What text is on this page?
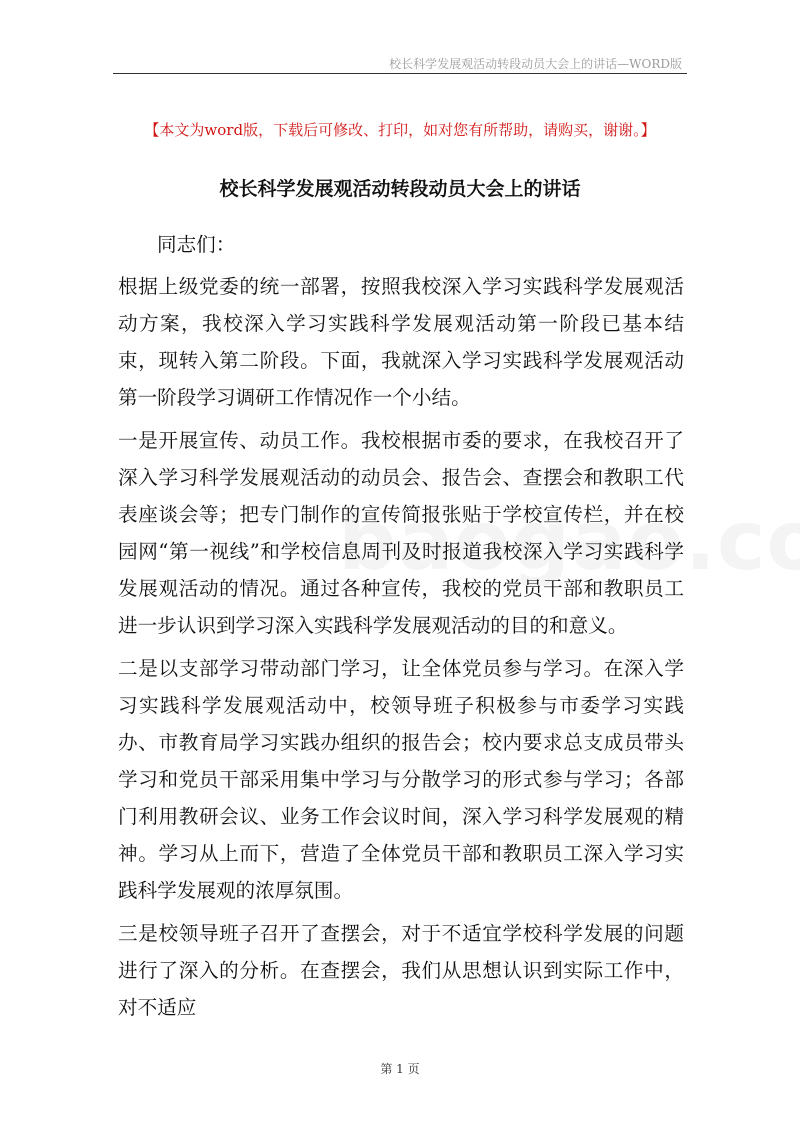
校长科学发展观活动转段动员大会上的讲话—WORD版
【本文为word版，下载后可修改、打印，如对您有所帮助，请购买，谢谢。】
校长科学发展观活动转段动员大会上的讲话

同志们：

根据上级党委的统一部署，按照我校深入学习实践科学发展观活动方案，我校深入学习实践科学发展观活动第一阶段已基本结束，现转入第二阶段。下面，我就深入学习实践科学发展观活动第一阶段学习调研工作情况作一个小结。

一是开展宣传、动员工作。我校根据市委的要求，在我校召开了深入学习科学发展观活动的动员会、报告会、查摆会和教职工代表座谈会等；把专门制作的宣传简报张贴于学校宣传栏，并在校园网“第一视线”和学校信息周刊及时报道我校深入学习实践科学发展观活动的情况。通过各种宣传，我校的党员干部和教职员工进一步认识到学习深入实践科学发展观活动的目的和意义。

二是以支部学习带动部门学习，让全体党员参与学习。在深入学习实践科学发展观活动中，校领导班子积极参与市委学习实践办、市教育局学习实践办组织的报告会；校内要求总支成员带头学习和党员干部采用集中学习与分散学习的形式参与学习；各部门利用教研会议、业务工作会议时间，深入学习科学发展观的精神。学习从上而下，营造了全体党员干部和教职员工深入学习实践科学发展观的浓厚氛围。

三是校领导班子召开了查摆会，对于不适宜学校科学发展的问题进行了深入的分析。在查摆会，我们从思想认识到实际工作中，对不适应

第 1 页
